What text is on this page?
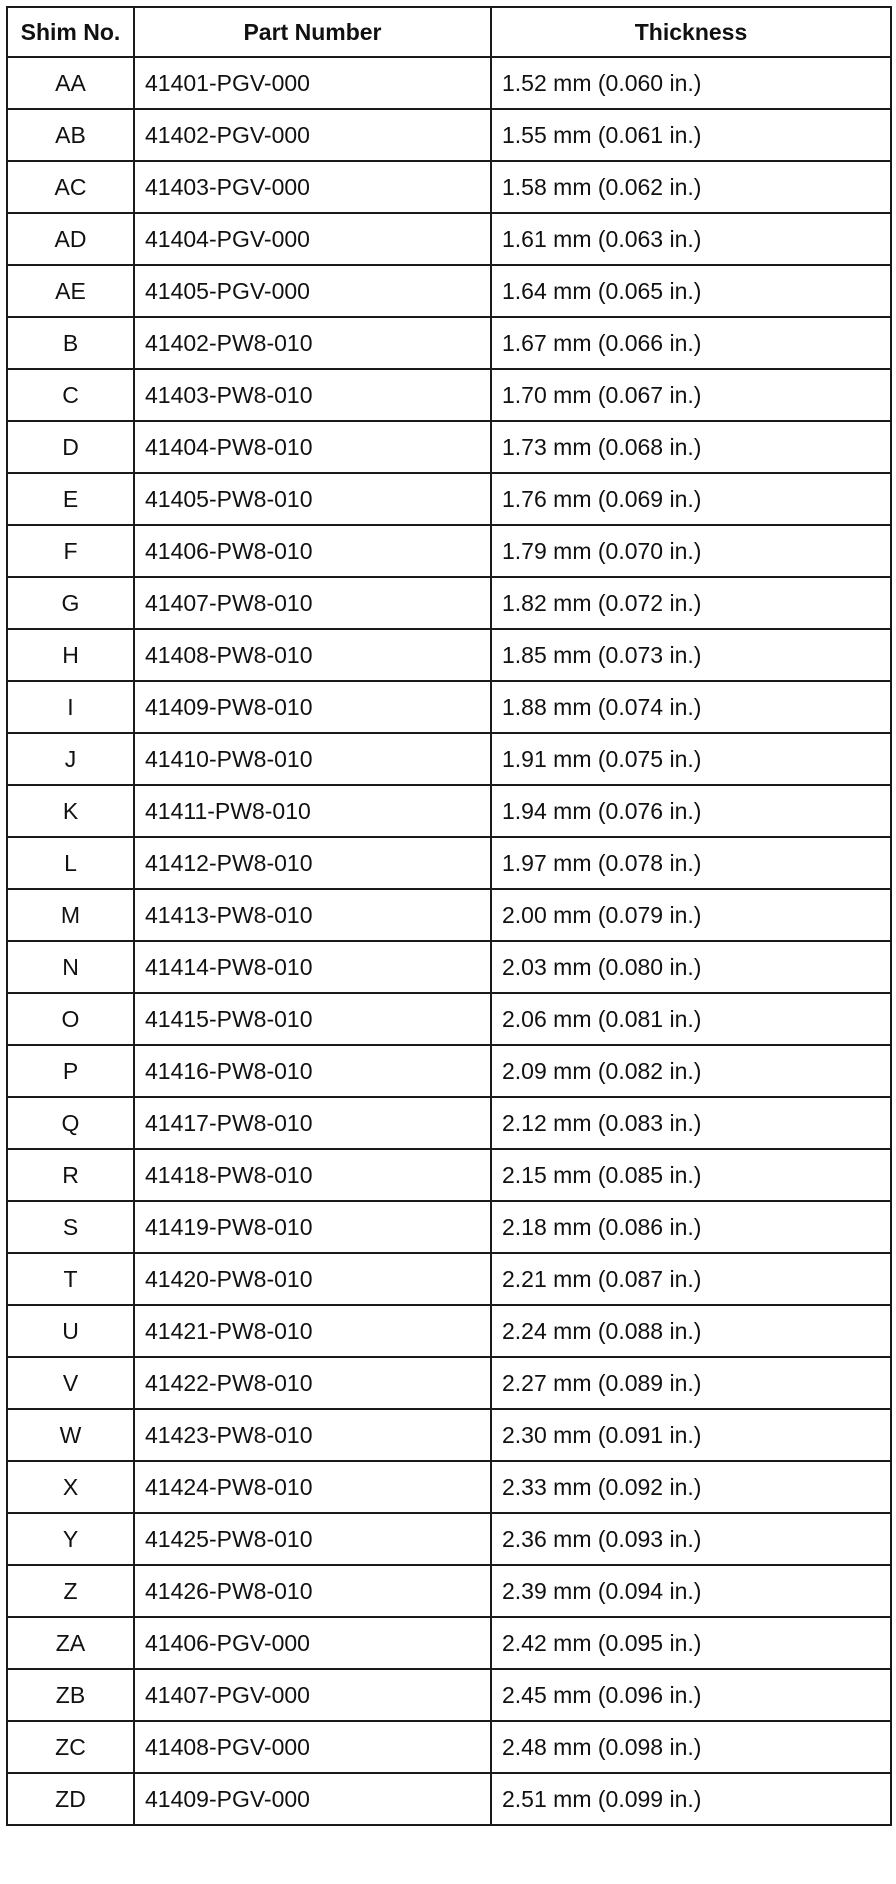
Shim No.	Part Number	Thickness
AA	41401-PGV-000	1.52 mm (0.060 in.)
AB	41402-PGV-000	1.55 mm (0.061 in.)
AC	41403-PGV-000	1.58 mm (0.062 in.)
AD	41404-PGV-000	1.61 mm (0.063 in.)
AE	41405-PGV-000	1.64 mm (0.065 in.)
B	41402-PW8-010	1.67 mm (0.066 in.)
C	41403-PW8-010	1.70 mm (0.067 in.)
D	41404-PW8-010	1.73 mm (0.068 in.)
E	41405-PW8-010	1.76 mm (0.069 in.)
F	41406-PW8-010	1.79 mm (0.070 in.)
G	41407-PW8-010	1.82 mm (0.072 in.)
H	41408-PW8-010	1.85 mm (0.073 in.)
I	41409-PW8-010	1.88 mm (0.074 in.)
J	41410-PW8-010	1.91 mm (0.075 in.)
K	41411-PW8-010	1.94 mm (0.076 in.)
L	41412-PW8-010	1.97 mm (0.078 in.)
M	41413-PW8-010	2.00 mm (0.079 in.)
N	41414-PW8-010	2.03 mm (0.080 in.)
O	41415-PW8-010	2.06 mm (0.081 in.)
P	41416-PW8-010	2.09 mm (0.082 in.)
Q	41417-PW8-010	2.12 mm (0.083 in.)
R	41418-PW8-010	2.15 mm (0.085 in.)
S	41419-PW8-010	2.18 mm (0.086 in.)
T	41420-PW8-010	2.21 mm (0.087 in.)
U	41421-PW8-010	2.24 mm (0.088 in.)
V	41422-PW8-010	2.27 mm (0.089 in.)
W	41423-PW8-010	2.30 mm (0.091 in.)
X	41424-PW8-010	2.33 mm (0.092 in.)
Y	41425-PW8-010	2.36 mm (0.093 in.)
Z	41426-PW8-010	2.39 mm (0.094 in.)
ZA	41406-PGV-000	2.42 mm (0.095 in.)
ZB	41407-PGV-000	2.45 mm (0.096 in.)
ZC	41408-PGV-000	2.48 mm (0.098 in.)
ZD	41409-PGV-000	2.51 mm (0.099 in.)
